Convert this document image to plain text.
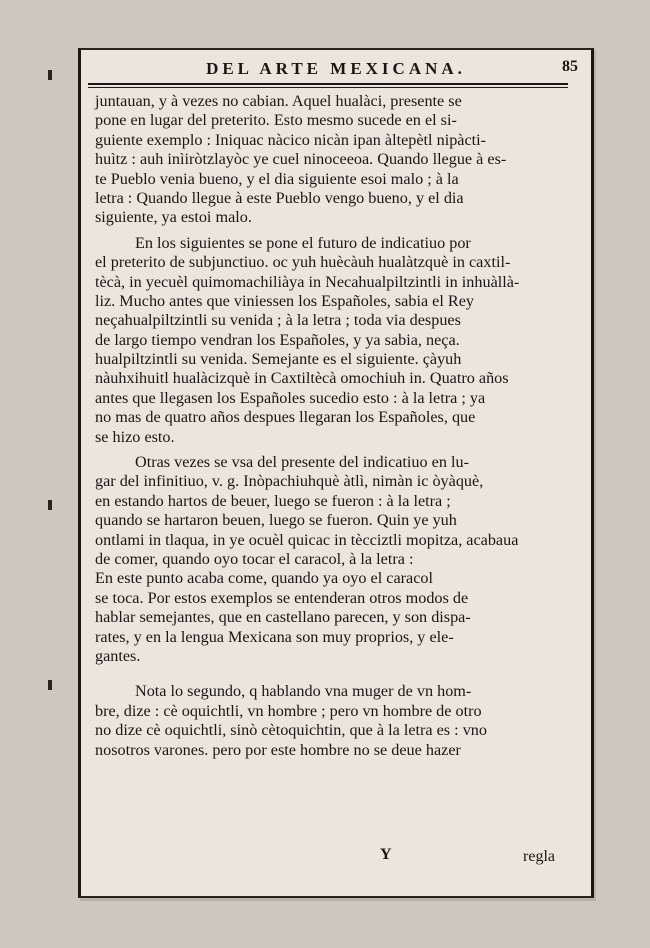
DEL ARTE MEXICANA.	85
juntauan, y à vezes no cabian. Aquel hualàci, presente se
pone en lugar del preterito. Esto mesmo sucede en el si-
guiente exemplo : Iniquac nàcico nicàn ipan àltepètl nipàcti-
huìtz : auh inìiròtzlayòc ye cuel ninoceeoa. Quando llegue à es-
te Pueblo venia bueno, y el dia siguiente esoi malo ; à la
letra : Quando llegue à este Pueblo vengo bueno, y el dia
siguiente, ya estoi malo.
En los siguientes se pone el futuro de indicatiuo por
el preterito de subjunctiuo. oc yuh huècàuh hualàtzquè in caxtil-
tècà, in yecuèl quimomachiliàya in Necahualpiltzintli in inhuàllà-
liz. Mucho antes que viniessen los Españoles, sabia el Rey
neçahualpiltzintli su venida ; à la letra ; toda via despues
de largo tiempo vendran los Españoles, y ya sabia, neça.
hualpiltzintli su venida. Semejante es el siguiente. çàyuh
nàuhxihuitl hualàcizquè in Caxtiltècà omochiuh in. Quatro años
antes que llegasen los Españoles sucedio esto : à la letra ; ya
no mas de quatro años despues llegaran los Españoles, que
se hizo esto.
Otras vezes se vsa del presente del indicatiuo en lu-
gar del infinitiuo, v. g. Inòpachiuhquè àtlì, nimàn ic òyàquè,
en estando hartos de beuer, luego se fueron : à la letra ;
quando se hartaron beuen, luego se fueron. Quin ye yuh
ontlami in tlaqua, in ye ocuèl quicac in tècciztli mopitza, acabaua
de comer, quando oyo tocar el caracol, à la letra :
En este punto acaba come, quando ya oyo el caracol
se toca. Por estos exemplos se entenderan otros modos de
hablar semejantes, que en castellano parecen, y son dispa-
rates, y en la lengua Mexicana son muy proprios, y ele-
gantes.
Nota lo segundo, q hablando vna muger de vn hom-
bre, dize : cè oquichtli, vn hombre ; pero vn hombre de otro
no dize cè oquichtli, sinò cètoquichtin, que à la letra es : vno
nosotros varones. pero por este hombre no se deue hazer
Y	regla
